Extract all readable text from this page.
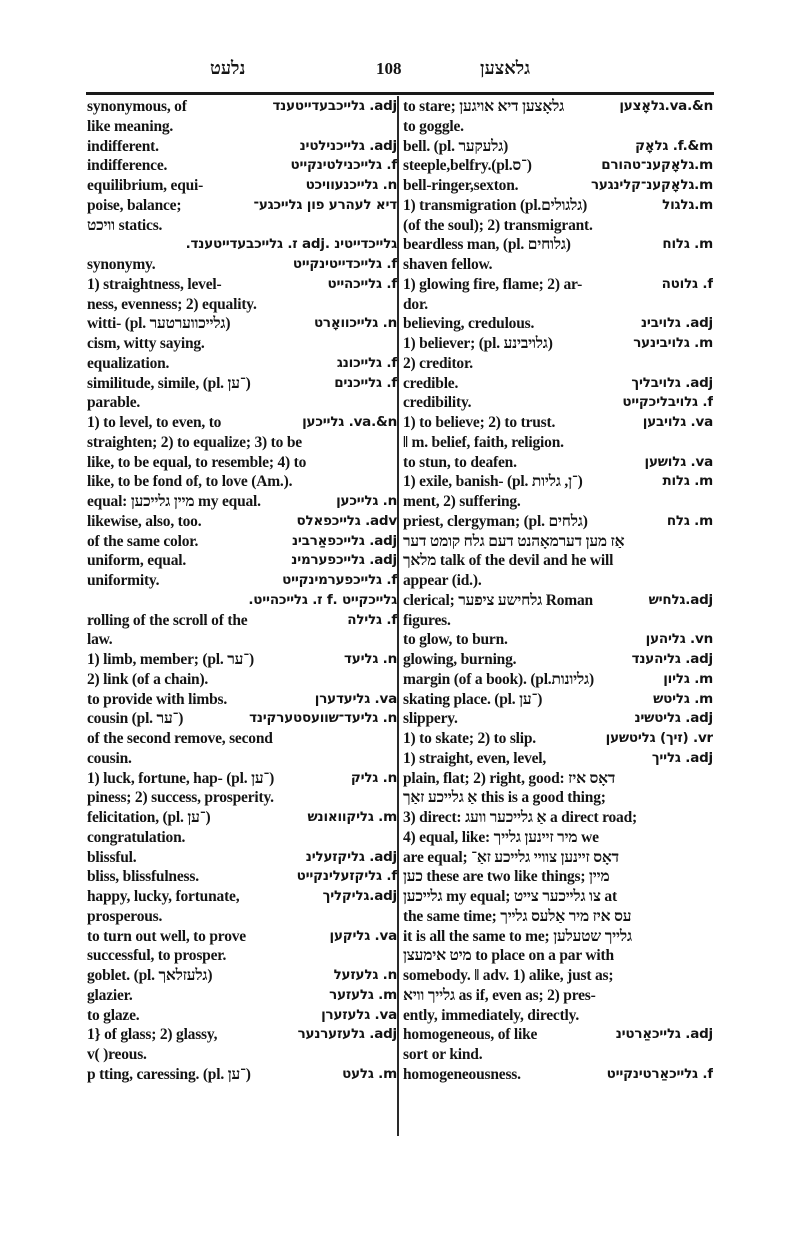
נלעט	108	גלאצען
synonymous, of	adj. גלייכבעדייטענד
like meaning.
indifferent.	adj. גלייכנילטינ
indifference.	f. גלייכנילטינקייט
equilibrium, equi-	n. גלייכנעוויכט
poise, balance;	דיא לעהרע פון גלייכגע־
וויכט statics.
גלייכדייטינ .adj ז. גלייכבעדייטענד.
synonymy.	f. גלייכדייטינקייט
1) straightness, level-	f. גלייכהייט
ness, evenness; 2) equality.
witti- (pl. גלייכווערטער)	n. גלייכוואָרט
cism, witty saying.
equalization.	f. גלייכונג
similitude, simile, (pl. ־ען)	f. גלייכנים
parable.
1) to level, to even, to	va.&n. גלייכען
straighten; 2) to equalize; 3) to be
like, to be equal, to resemble; 4) to
like, to be fond of, to love (Am.).
equal: מיין גלייכען my equal.	n. גלייכען
likewise, also, too.	adv. גלייכפאלס
of the same color.	adj. גלייכפאַרבינ
uniform, equal.	adj. גלייכפערמינ
uniformity.	f. גלייכפערמינקייט
גלייכקייט .f ז. גלייכהייט.
rolling of the scroll of the	f. גלילה
law.
1) limb, member; (pl. ־ער)	n. גליעד
2) link (of a chain).
to provide with limbs.	va. גליעדערן
cousin (pl. ־ער)	n. גליעד־שוועסטערקינד
of the second remove, second
cousin.
1) luck, fortune, hap- (pl. ־ען)	n. גליק
piness; 2) success, prosperity.
felicitation, (pl. ־ען)	m. גליקוואונש
congratulation.
blissful.	adj. גליקזעלינ
bliss, blissfulness.	f. גליקזעלינקייט
happy, lucky, fortunate,	adj.גליקליך
prosperous.
to turn out well, to prove	va. גליקען
successful, to prosper.
goblet. (pl. גלעזלאך)	n. גלעזעל
glazier.	m. גלעזער
to glaze.	va. גלעזערן
1} of glass; 2) glassy,	adj. גלעזערנער
v( )reous.
p tting, caressing. (pl. ־ען)	m. גלעט
to stare; גלאָצען דיא אויגען	va.&n.גלאָצען
to goggle.
bell. (pl. גלעקער)	f.&m. גלאָק
steeple,belfry.(pl.־ס)	m.גלאָקענ־טהורם
bell-ringer,sexton.	m.גלאָקענ־קלינגער
1) transmigration (pl.גלגולים)	m.גלגול
(of the soul); 2) transmigrant.
beardless man, (pl. גלוחים)	m. גלוח
shaven fellow.
1) glowing fire, flame; 2) ar-	f. גלוטה
dor.
believing, credulous.	adj. גלויבינ
1) believer; (pl. גלויבינע)	m. גלויבינער
2) creditor.
credible.	adj. גלויבליך
credibility.	f. גלויבליכקייט
1) to believe; 2) to trust.	va. גלויבען
‖ m. belief, faith, religion.
to stun, to deafen.	va. גלושען
1) exile, banish- (pl. ־ן, גליות)	m. גלות
ment, 2) suffering.
priest, clergyman; (pl. גלחים)	m. גלח
אַז מען דערמאָהנט דעם גלח קומט דער
מלאך talk of the devil and he will
appear (id.).
clerical; גלחישע ציפער Roman	adj.גלחיש
figures.
to glow, to burn.	vn. גליהען
glowing, burning.	adj. גליהענד
margin (of a book). (pl.גליונות)	m. גליון
skating place. (pl. ־ען)	m. גליטש
slippery.	adj. גליטשינ
1) to skate; 2) to slip.	vr. (זיך) גליטשען
1) straight, even, level,	adj. גלייך
plain, flat; 2) right, good: דאָס איז
אַ גלייכע זאַך this is a good thing;
3) direct: אַ גלייכער וועג a direct road;
4) equal, like: מיר זיינען גלייך we
are equal; דאָס זיינען צוויי גלייכע זאַ־
כען these are two like things; מיין
גלייכען my equal; צו גלייכער צייט at
the same time; עס איז מיר אַלעס גלייך
it is all the same to me; גלייך שטעלען
מיט אימעצן to place on a par with
somebody. ‖ adv. 1) alike, just as;
גלייך וויא as if, even as; 2) pres-
ently, immediately, directly.
homogeneous, of like	adj. גלייכאַרטינ
sort or kind.
homogeneousness.	f. גלייכאַרטינקייט
